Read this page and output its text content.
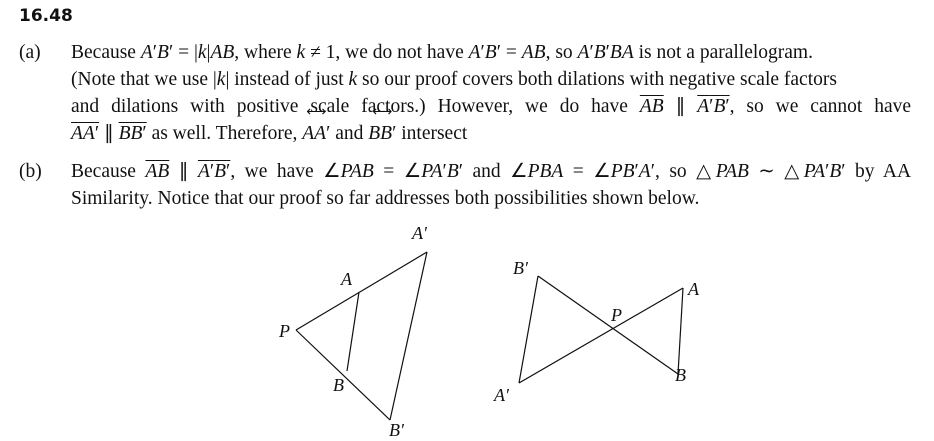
16.48
(a)	Because A′B′ = |k|AB, where k ≠ 1, we do not have A′B′ = AB, so A′B′BA is not a parallelogram.
(Note that we use |k| instead of just k so our proof covers both dilations with negative scale factors
and dilations with positive scale factors.) However, we do have $\overline{AB}$ ∥ A′B′, so we cannot have
AA′ ∥ BB′ as well. Therefore, ⟷ AA′ and ⟷ BB′ intersect
(b)	Because $\overline{AB}$ ∥ A′B′, we have ∠PAB = ∠PA′B′ and ∠PBA = ∠PB′A′, so △PAB ∼ △PA′B′ by AA
Similarity. Notice that our proof so far addresses both possibilities shown below.
P
A
B
A′
B′
B′
A
P
B
A′
